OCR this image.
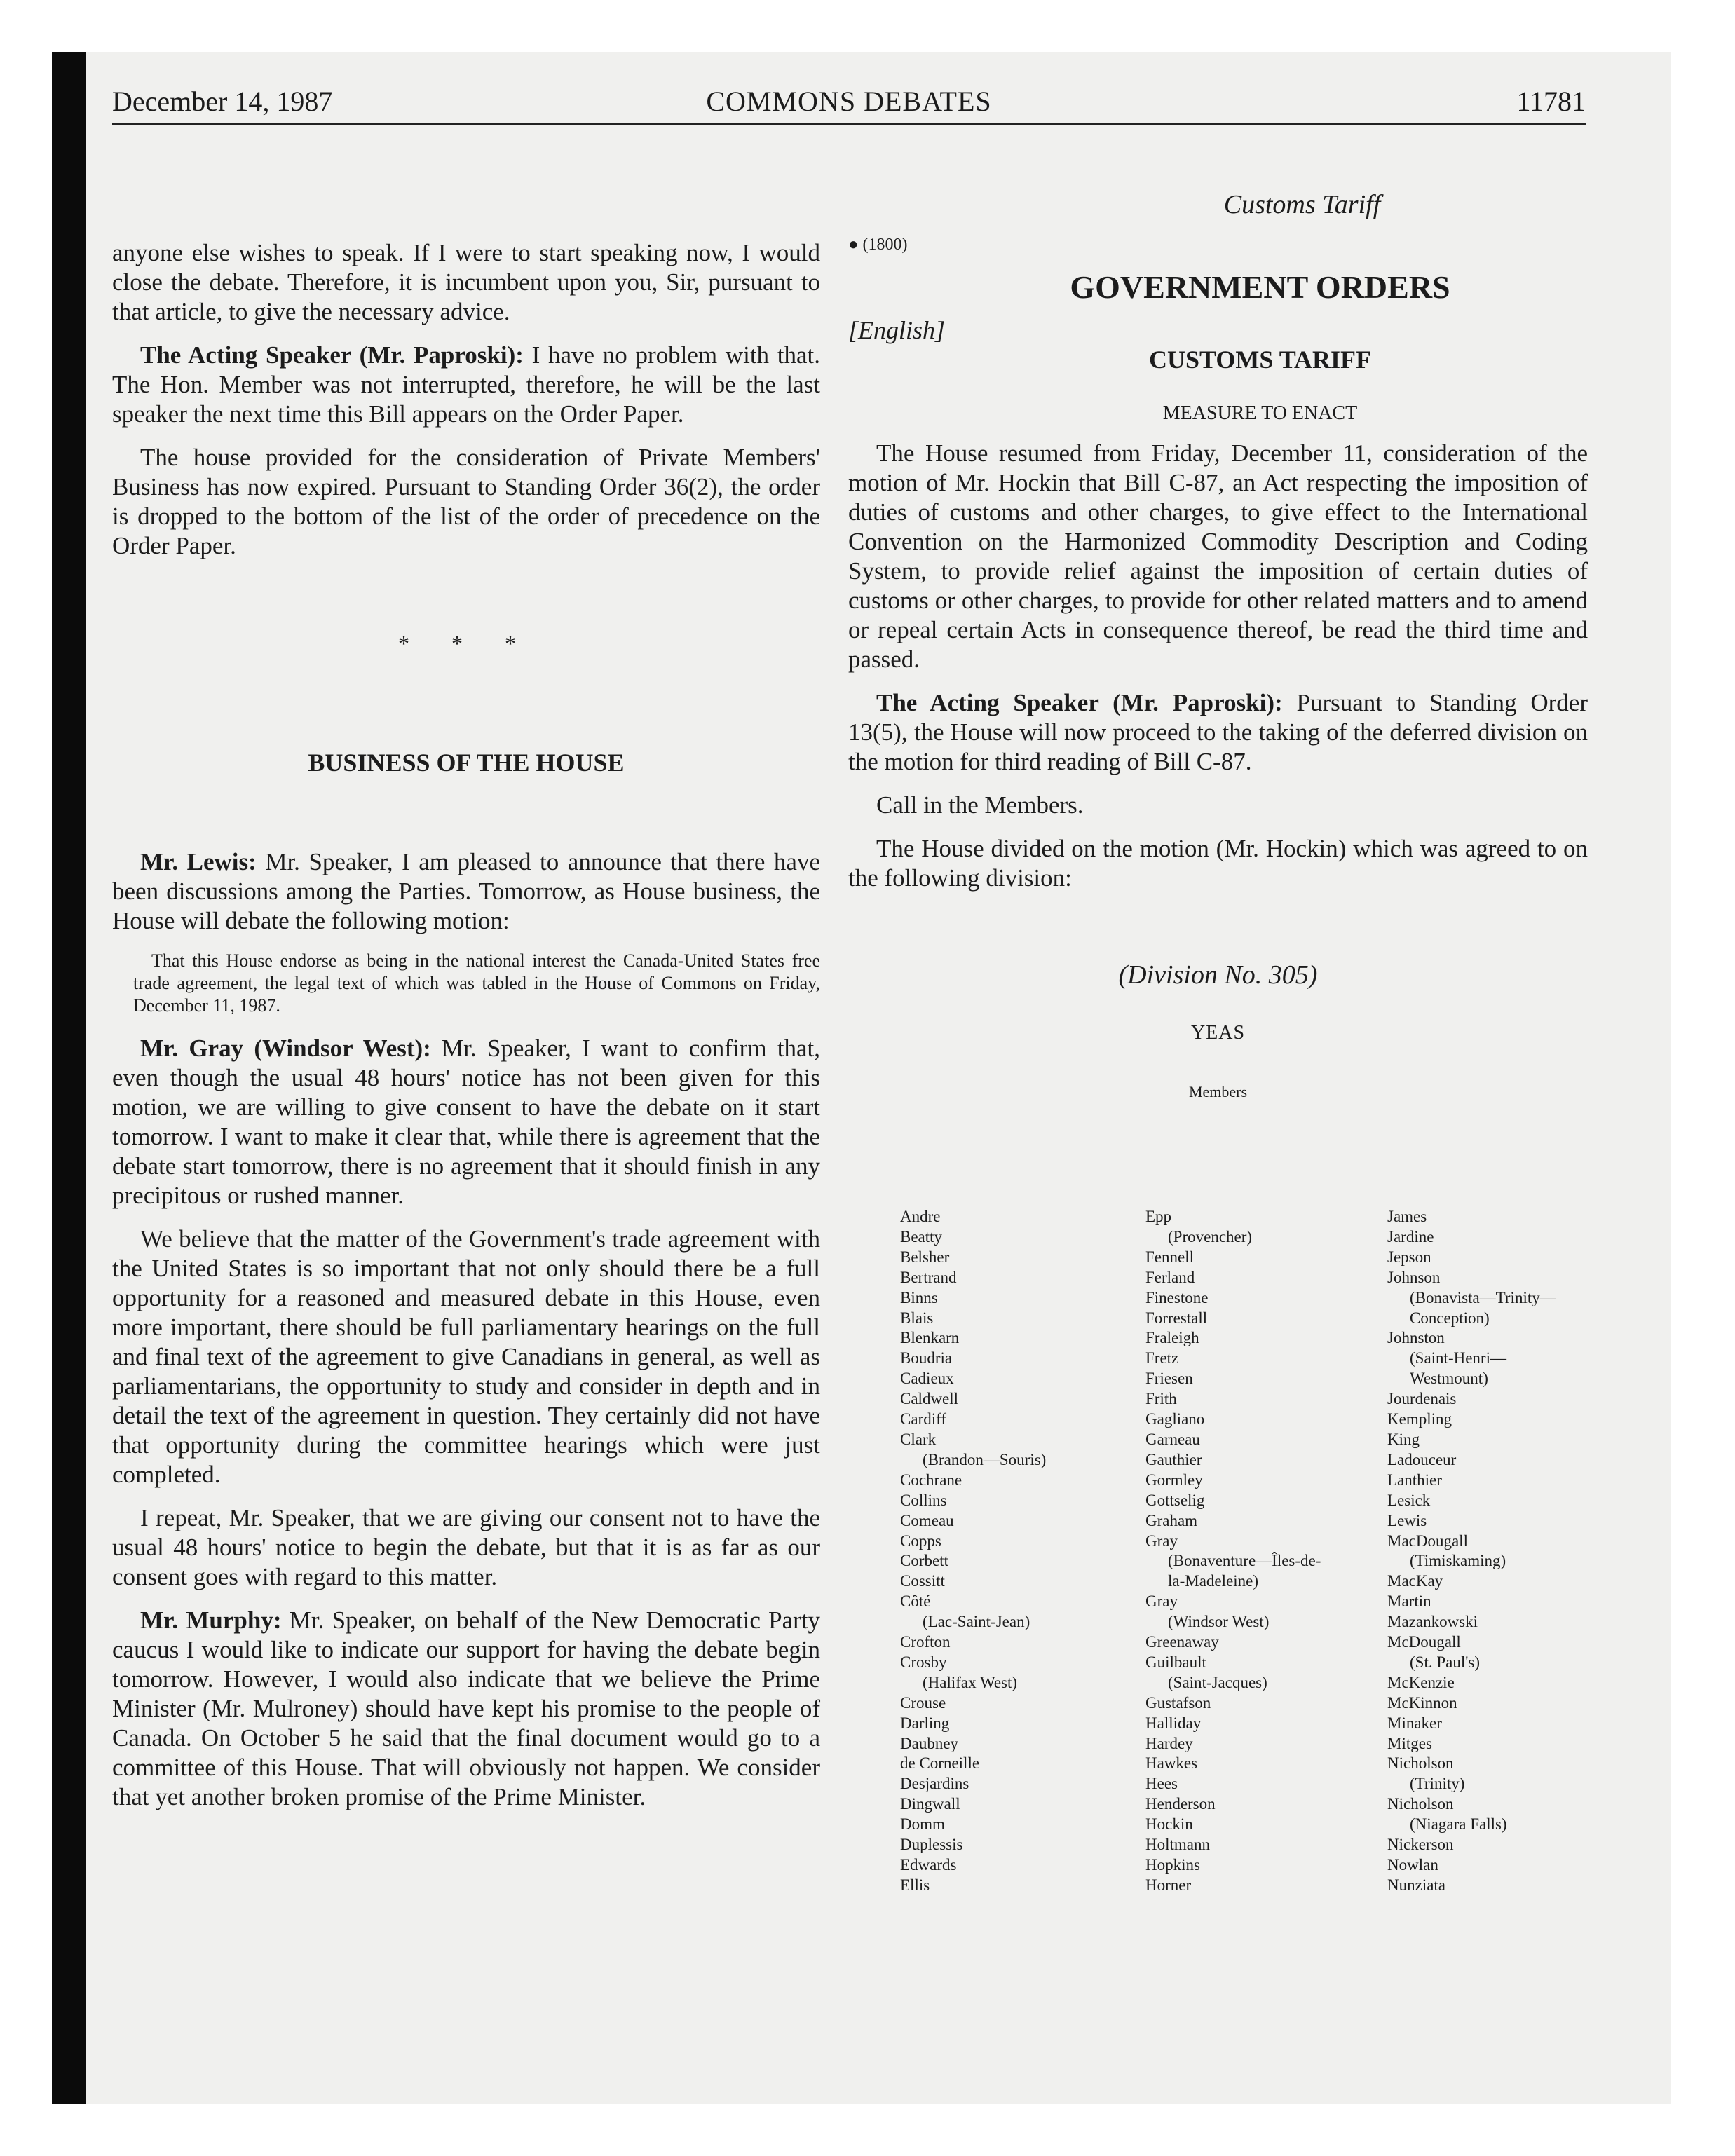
December 14, 1987	COMMONS DEBATES	11781

anyone else wishes to speak. If I were to start speaking now, I would close the debate. Therefore, it is incumbent upon you, Sir, pursuant to that article, to give the necessary advice.

The Acting Speaker (Mr. Paproski): I have no problem with that. The Hon. Member was not interrupted, therefore, he will be the last speaker the next time this Bill appears on the Order Paper.

The house provided for the consideration of Private Members' Business has now expired. Pursuant to Standing Order 36(2), the order is dropped to the bottom of the list of the order of precedence on the Order Paper.

* * *
BUSINESS OF THE HOUSE

Mr. Lewis: Mr. Speaker, I am pleased to announce that there have been discussions among the Parties. Tomorrow, as House business, the House will debate the following motion:

That this House endorse as being in the national interest the Canada-United States free trade agreement, the legal text of which was tabled in the House of Commons on Friday, December 11, 1987.

Mr. Gray (Windsor West): Mr. Speaker, I want to confirm that, even though the usual 48 hours' notice has not been given for this motion, we are willing to give consent to have the debate on it start tomorrow. I want to make it clear that, while there is agreement that the debate start tomorrow, there is no agreement that it should finish in any precipitous or rushed manner.

We believe that the matter of the Government's trade agreement with the United States is so important that not only should there be a full opportunity for a reasoned and measured debate in this House, even more important, there should be full parliamentary hearings on the full and final text of the agreement to give Canadians in general, as well as parliamentarians, the opportunity to study and consider in depth and in detail the text of the agreement in question. They certainly did not have that opportunity during the committee hearings which were just completed.

I repeat, Mr. Speaker, that we are giving our consent not to have the usual 48 hours' notice to begin the debate, but that it is as far as our consent goes with regard to this matter.

Mr. Murphy: Mr. Speaker, on behalf of the New Democratic Party caucus I would like to indicate our support for having the debate begin tomorrow. However, I would also indicate that we believe the Prime Minister (Mr. Mulroney) should have kept his promise to the people of Canada. On October 5 he said that the final document would go to a committee of this House. That will obviously not happen. We consider that yet another broken promise of the Prime Minister.

Customs Tariff
● (1800)
GOVERNMENT ORDERS
[English]
CUSTOMS TARIFF
MEASURE TO ENACT

The House resumed from Friday, December 11, consideration of the motion of Mr. Hockin that Bill C-87, an Act respecting the imposition of duties of customs and other charges, to give effect to the International Convention on the Harmonized Commodity Description and Coding System, to provide relief against the imposition of certain duties of customs or other charges, to provide for other related matters and to amend or repeal certain Acts in consequence thereof, be read the third time and passed.

The Acting Speaker (Mr. Paproski): Pursuant to Standing Order 13(5), the House will now proceed to the taking of the deferred division on the motion for third reading of Bill C-87.

Call in the Members.

The House divided on the motion (Mr. Hockin) which was agreed to on the following division:

(Division No. 305)
YEAS
Members
Andre
Beatty
Belsher
Bertrand
Binns
Blais
Blenkarn
Boudria
Cadieux
Caldwell
Cardiff
Clark
(Brandon—Souris)
Cochrane
Collins
Comeau
Copps
Corbett
Cossitt
Côté
(Lac-Saint-Jean)
Crofton
Crosby
(Halifax West)
Crouse
Darling
Daubney
de Corneille
Desjardins
Dingwall
Domm
Duplessis
Edwards
Ellis
Epp
(Provencher)
Fennell
Ferland
Finestone
Forrestall
Fraleigh
Fretz
Friesen
Frith
Gagliano
Garneau
Gauthier
Gormley
Gottselig
Graham
Gray
(Bonaventure—Îles-de-
la-Madeleine)
Gray
(Windsor West)
Greenaway
Guilbault
(Saint-Jacques)
Gustafson
Halliday
Hardey
Hawkes
Hees
Henderson
Hockin
Holtmann
Hopkins
Horner
James
Jardine
Jepson
Johnson
(Bonavista—Trinity—
Conception)
Johnston
(Saint-Henri—
Westmount)
Jourdenais
Kempling
King
Ladouceur
Lanthier
Lesick
Lewis
MacDougall
(Timiskaming)
MacKay
Martin
Mazankowski
McDougall
(St. Paul's)
McKenzie
McKinnon
Minaker
Mitges
Nicholson
(Trinity)
Nicholson
(Niagara Falls)
Nickerson
Nowlan
Nunziata
